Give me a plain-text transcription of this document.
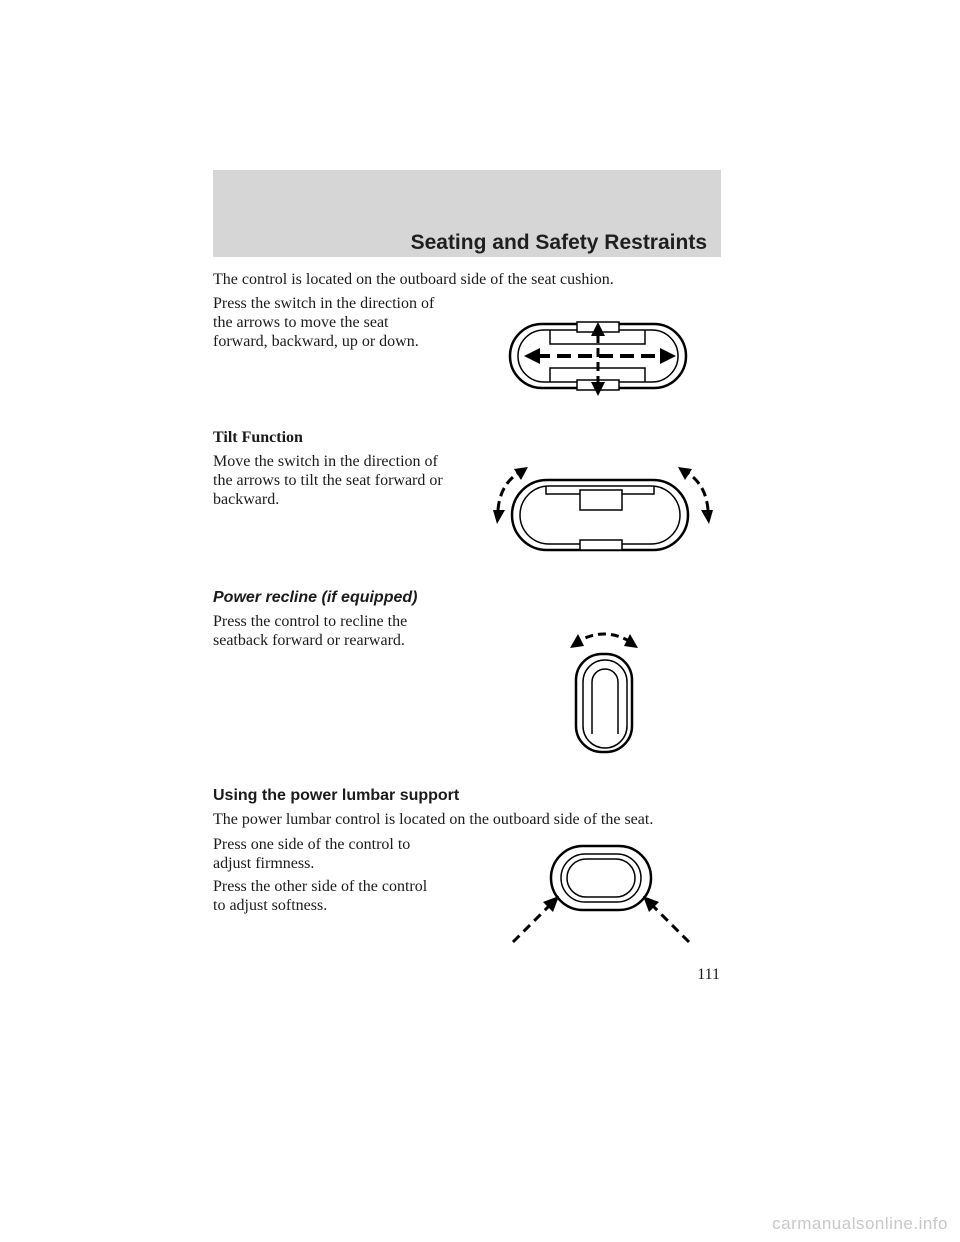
Seating and Safety Restraints

The control is located on the outboard side of the seat cushion.

Press the switch in the direction of

the arrows to move the seat

forward, backward, up or down.

Tilt Function

Move the switch in the direction of

the arrows to tilt the seat forward or

backward.

Power recline (if equipped)

Press the control to recline the

seatback forward or rearward.

Using the power lumbar support

The power lumbar control is located on the outboard side of the seat.

Press one side of the control to

adjust firmness.

Press the other side of the control

to adjust softness.

111
carmanualsonline.info
